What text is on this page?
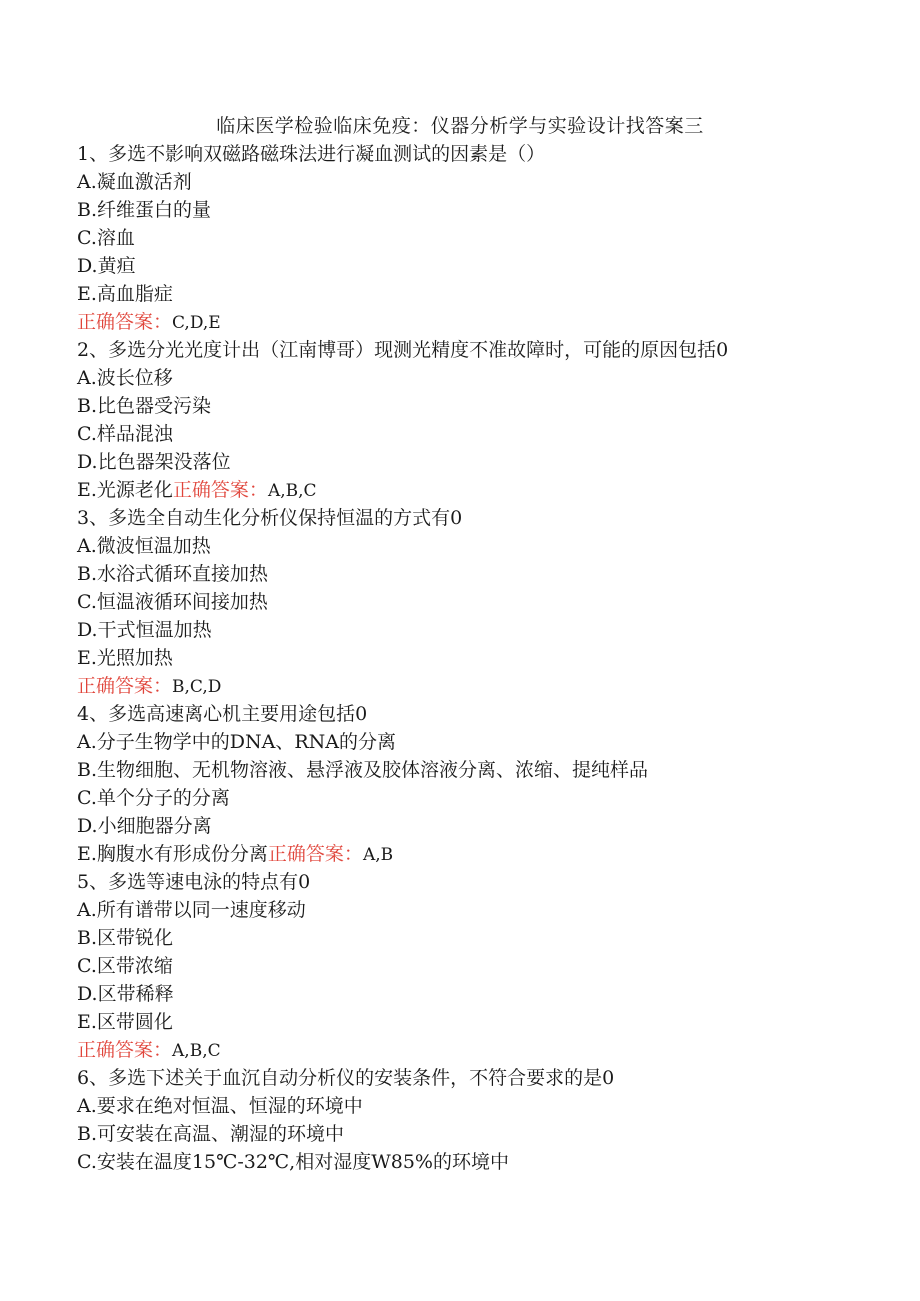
临床医学检验临床免疫：仪器分析学与实验设计找答案三
1、多选不影响双磁路磁珠法进行凝血测试的因素是（）
A.凝血激活剂
B.纤维蛋白的量
C.溶血
D.黄疸
E.高血脂症
正确答案：C,D,E
2、多选分光光度计出（江南博哥）现测光精度不准故障时，可能的原因包括0
A.波长位移
B.比色器受污染
C.样品混浊
D.比色器架没落位
E.光源老化正确答案：A,B,C
3、多选全自动生化分析仪保持恒温的方式有0
A.微波恒温加热
B.水浴式循环直接加热
C.恒温液循环间接加热
D.干式恒温加热
E.光照加热
正确答案：B,C,D
4、多选高速离心机主要用途包括0
A.分子生物学中的DNA、RNA的分离
B.生物细胞、无机物溶液、悬浮液及胶体溶液分离、浓缩、提纯样品
C.单个分子的分离
D.小细胞器分离
E.胸腹水有形成份分离正确答案：A,B
5、多选等速电泳的特点有0
A.所有谱带以同一速度移动
B.区带锐化
C.区带浓缩
D.区带稀释
E.区带圆化
正确答案：A,B,C
6、多选下述关于血沉自动分析仪的安装条件，不符合要求的是0
A.要求在绝对恒温、恒湿的环境中
B.可安装在高温、潮湿的环境中
C.安装在温度15℃-32℃,相对湿度W85%的环境中
